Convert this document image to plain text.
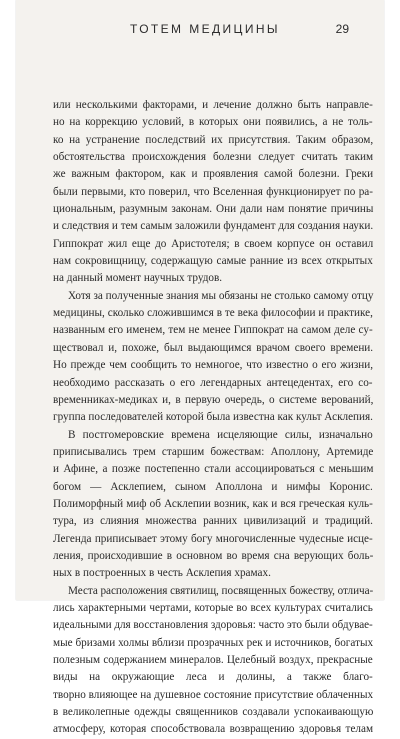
ТОТЕМ МЕДИЦИНЫ	29
или несколькими факторами, и лечение должно быть направле-
но на коррекцию условий, в которых они появились, а не толь-
ко на устранение последствий их присутствия. Таким образом,
обстоятельства происхождения болезни следует считать таким
же важным фактором, как и проявления самой болезни. Греки
были первыми, кто поверил, что Вселенная функционирует по ра-
циональным, разумным законам. Они дали нам понятие причины
и следствия и тем самым заложили фундамент для создания науки.
Гиппократ жил еще до Аристотеля; в своем корпусе он оставил
нам сокровищницу, содержащую самые ранние из всех открытых
на данный момент научных трудов.
Хотя за полученные знания мы обязаны не столько самому отцу
медицины, сколько сложившимся в те века философии и практике,
названным его именем, тем не менее Гиппократ на самом деле су-
ществовал и, похоже, был выдающимся врачом своего времени.
Но прежде чем сообщить то немногое, что известно о его жизни,
необходимо рассказать о его легендарных антецедентах, его со-
временниках-медиках и, в первую очередь, о системе верований,
группа последователей которой была известна как культ Асклепия.
В постгомеровские времена исцеляющие силы, изначально
приписывались трем старшим божествам: Аполлону, Артемиде
и Афине, а позже постепенно стали ассоциироваться с меньшим
богом — Асклепием, сыном Аполлона и нимфы Коронис.
Полиморфный миф об Асклепии возник, как и вся греческая куль-
тура, из слияния множества ранних цивилизаций и традиций.
Легенда приписывает этому богу многочисленные чудесные исце-
ления, происходившие в основном во время сна верующих боль-
ных в построенных в честь Асклепия храмах.
Места расположения святилищ, посвященных божеству, отлича-
лись характерными чертами, которые во всех культурах считались
идеальными для восстановления здоровья: часто это были обдувае-
мые бризами холмы вблизи прозрачных рек и источников, богатых
полезным содержанием минералов. Целебный воздух, прекрасные
виды на окружающие леса и долины, а также благо-
творно влияющее на душевное состояние присутствие облаченных
в великолепные одежды священников создавали успокаивающую
атмосферу, которая способствовала возвращению здоровья телам
